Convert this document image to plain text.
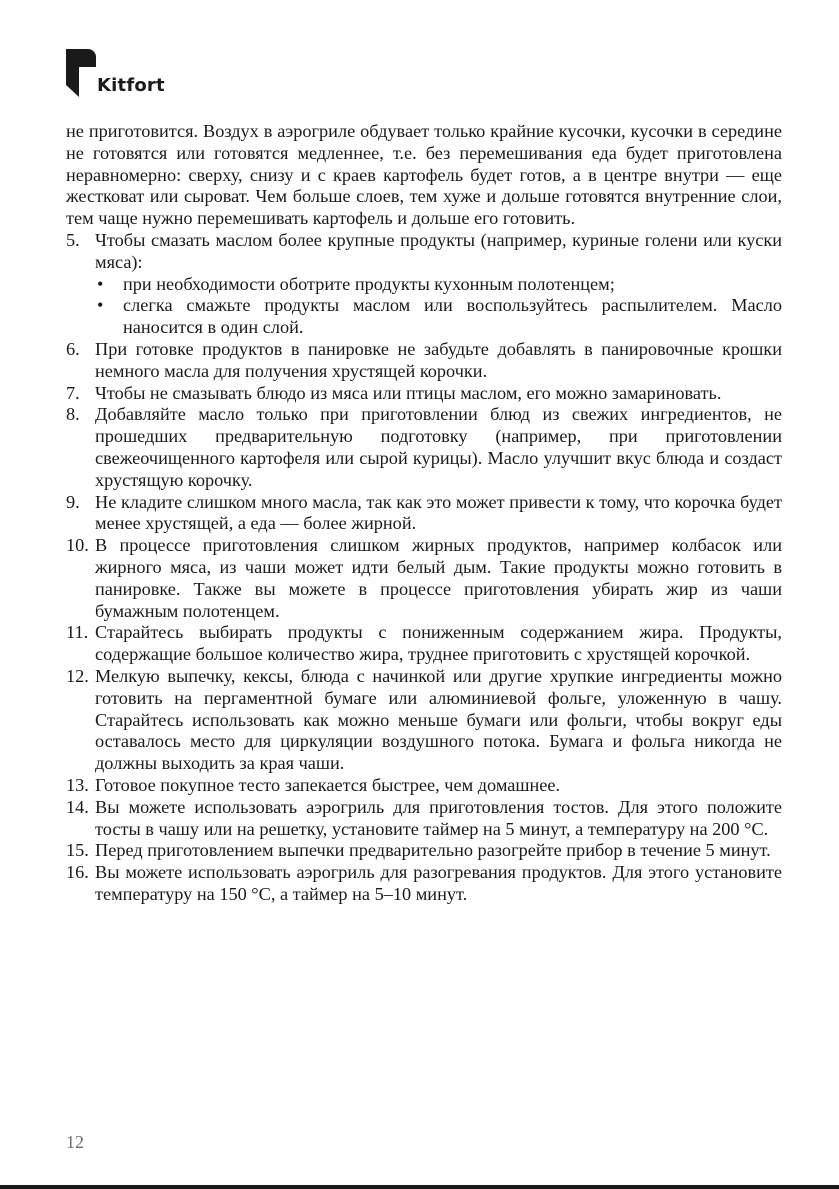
Kitfort

не приготовится. Воздух в аэрогриле обдувает только крайние кусочки, кусочки в середине не готовятся или готовятся медленнее, т.е. без перемешивания еда будет приготовлена неравномерно: сверху, снизу и с краев картофель будет готов, а в центре внутри — еще жестковат или сыроват. Чем больше слоев, тем хуже и дольше готовятся внутренние слои, тем чаще нужно перемешивать картофель и дольше его готовить.

5. Чтобы смазать маслом более крупные продукты (например, куриные голени или куски мяса):
• при необходимости оботрите продукты кухонным полотенцем;
• слегка смажьте продукты маслом или воспользуйтесь распылителем. Масло наносится в один слой.
6. При готовке продуктов в панировке не забудьте добавлять в панировочные крошки немного масла для получения хрустящей корочки.
7. Чтобы не смазывать блюдо из мяса или птицы маслом, его можно замариновать.
8. Добавляйте масло только при приготовлении блюд из свежих ингредиентов, не прошедших предварительную подготовку (например, при приготовлении свежеочищенного картофеля или сырой курицы). Масло улучшит вкус блюда и создаст хрустящую корочку.
9. Не кладите слишком много масла, так как это может привести к тому, что корочка будет менее хрустящей, а еда — более жирной.
10. В процессе приготовления слишком жирных продуктов, например колбасок или жирного мяса, из чаши может идти белый дым. Такие продукты можно готовить в панировке. Также вы можете в процессе приготовления убирать жир из чаши бумажным полотенцем.
11. Старайтесь выбирать продукты с пониженным содержанием жира. Продукты, содержащие большое количество жира, труднее приготовить с хрустящей корочкой.
12. Мелкую выпечку, кексы, блюда с начинкой или другие хрупкие ингредиенты можно готовить на пергаментной бумаге или алюминиевой фольге, уложенную в чашу. Старайтесь использовать как можно меньше бумаги или фольги, чтобы вокруг еды оставалось место для циркуляции воздушного потока. Бумага и фольга никогда не должны выходить за края чаши.
13. Готовое покупное тесто запекается быстрее, чем домашнее.
14. Вы можете использовать аэрогриль для приготовления тостов. Для этого положите тосты в чашу или на решетку, установите таймер на 5 минут, а температуру на 200 °C.
15. Перед приготовлением выпечки предварительно разогрейте прибор в течение 5 минут.
16. Вы можете использовать аэрогриль для разогревания продуктов. Для этого установите температуру на 150 °C, а таймер на 5–10 минут.
12
